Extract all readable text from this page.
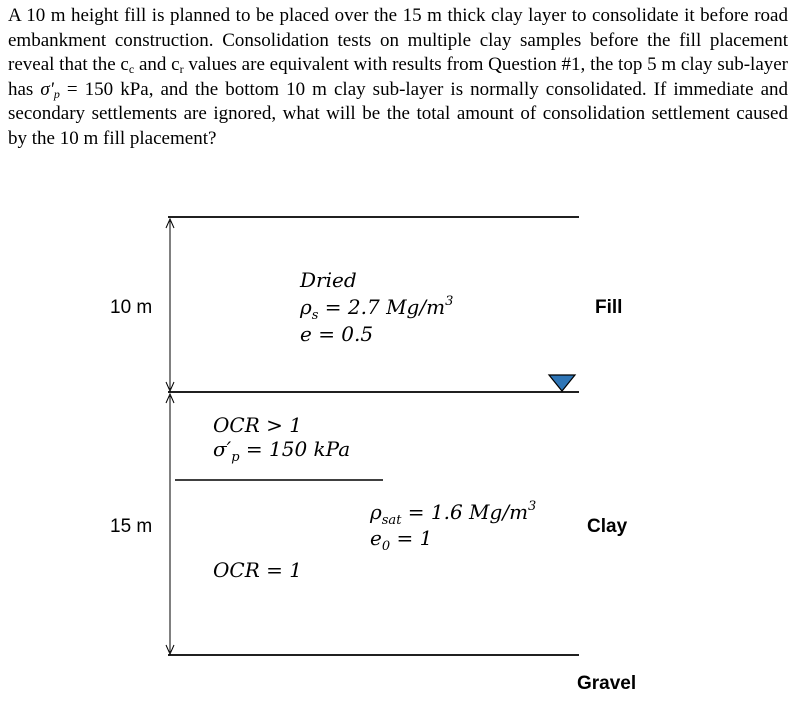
A 10 m height fill is planned to be placed over the 15 m thick clay layer to consolidate it before road embankment construction. Consolidation tests on multiple clay samples before the fill placement reveal that the $c_c$ and $c_r$ values are equivalent with results from Question #1, the top 5 m clay sub-layer has $\sigma'_p = 150$ kPa, and the bottom 10 m clay sub-layer is normally consolidated. If immediate and secondary settlements are ignored, what will be the total amount of consolidation settlement caused by the 10 m fill placement?
10 m
15 m
Fill
Clay
Gravel
Dried
$\rho_s = 2.7$ $Mg/m^3$
e = 0.5
OCR > 1
$\sigma'_p = 150$ kPa
$\rho_{sat} = 1.6$ $Mg/m^3$
$e_0 = 1$
OCR = 1
